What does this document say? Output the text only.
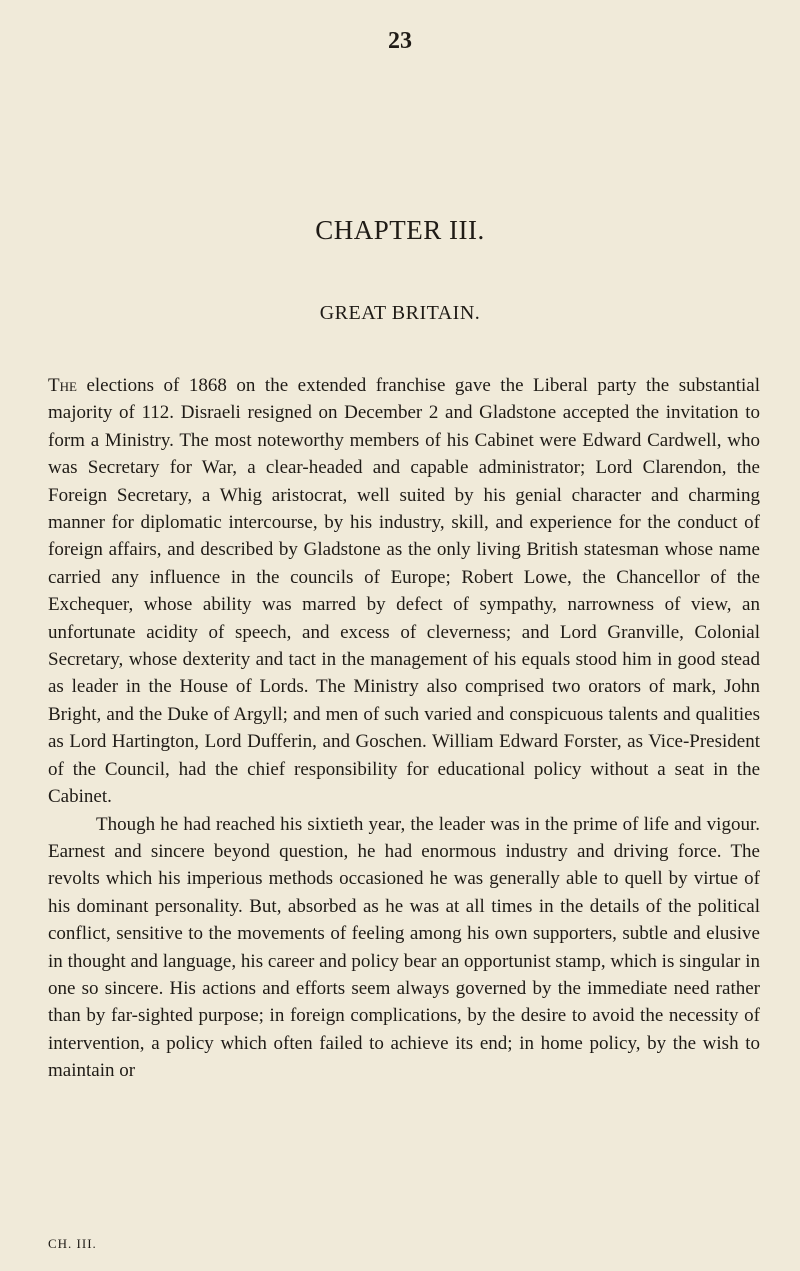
23
CHAPTER III.
GREAT BRITAIN.

The elections of 1868 on the extended franchise gave the Liberal party the substantial majority of 112. Disraeli resigned on December 2 and Gladstone accepted the invitation to form a Ministry. The most noteworthy members of his Cabinet were Edward Cardwell, who was Secretary for War, a clear-headed and capable administrator; Lord Clarendon, the Foreign Secretary, a Whig aristocrat, well suited by his genial character and charming manner for diplomatic intercourse, by his industry, skill, and experience for the conduct of foreign affairs, and described by Gladstone as the only living British statesman whose name carried any influence in the councils of Europe; Robert Lowe, the Chancellor of the Exchequer, whose ability was marred by defect of sympathy, narrowness of view, an unfortunate acidity of speech, and excess of cleverness; and Lord Granville, Colonial Secretary, whose dexterity and tact in the management of his equals stood him in good stead as leader in the House of Lords. The Ministry also comprised two orators of mark, John Bright, and the Duke of Argyll; and men of such varied and conspicuous talents and qualities as Lord Hartington, Lord Dufferin, and Goschen. William Edward Forster, as Vice-President of the Council, had the chief responsibility for educational policy without a seat in the Cabinet.

Though he had reached his sixtieth year, the leader was in the prime of life and vigour. Earnest and sincere beyond question, he had enormous industry and driving force. The revolts which his imperious methods occasioned he was generally able to quell by virtue of his dominant personality. But, absorbed as he was at all times in the details of the political conflict, sensitive to the movements of feeling among his own supporters, subtle and elusive in thought and language, his career and policy bear an opportunist stamp, which is singular in one so sincere. His actions and efforts seem always governed by the immediate need rather than by far-sighted purpose; in foreign complications, by the desire to avoid the necessity of intervention, a policy which often failed to achieve its end; in home policy, by the wish to maintain or

CH. III.
